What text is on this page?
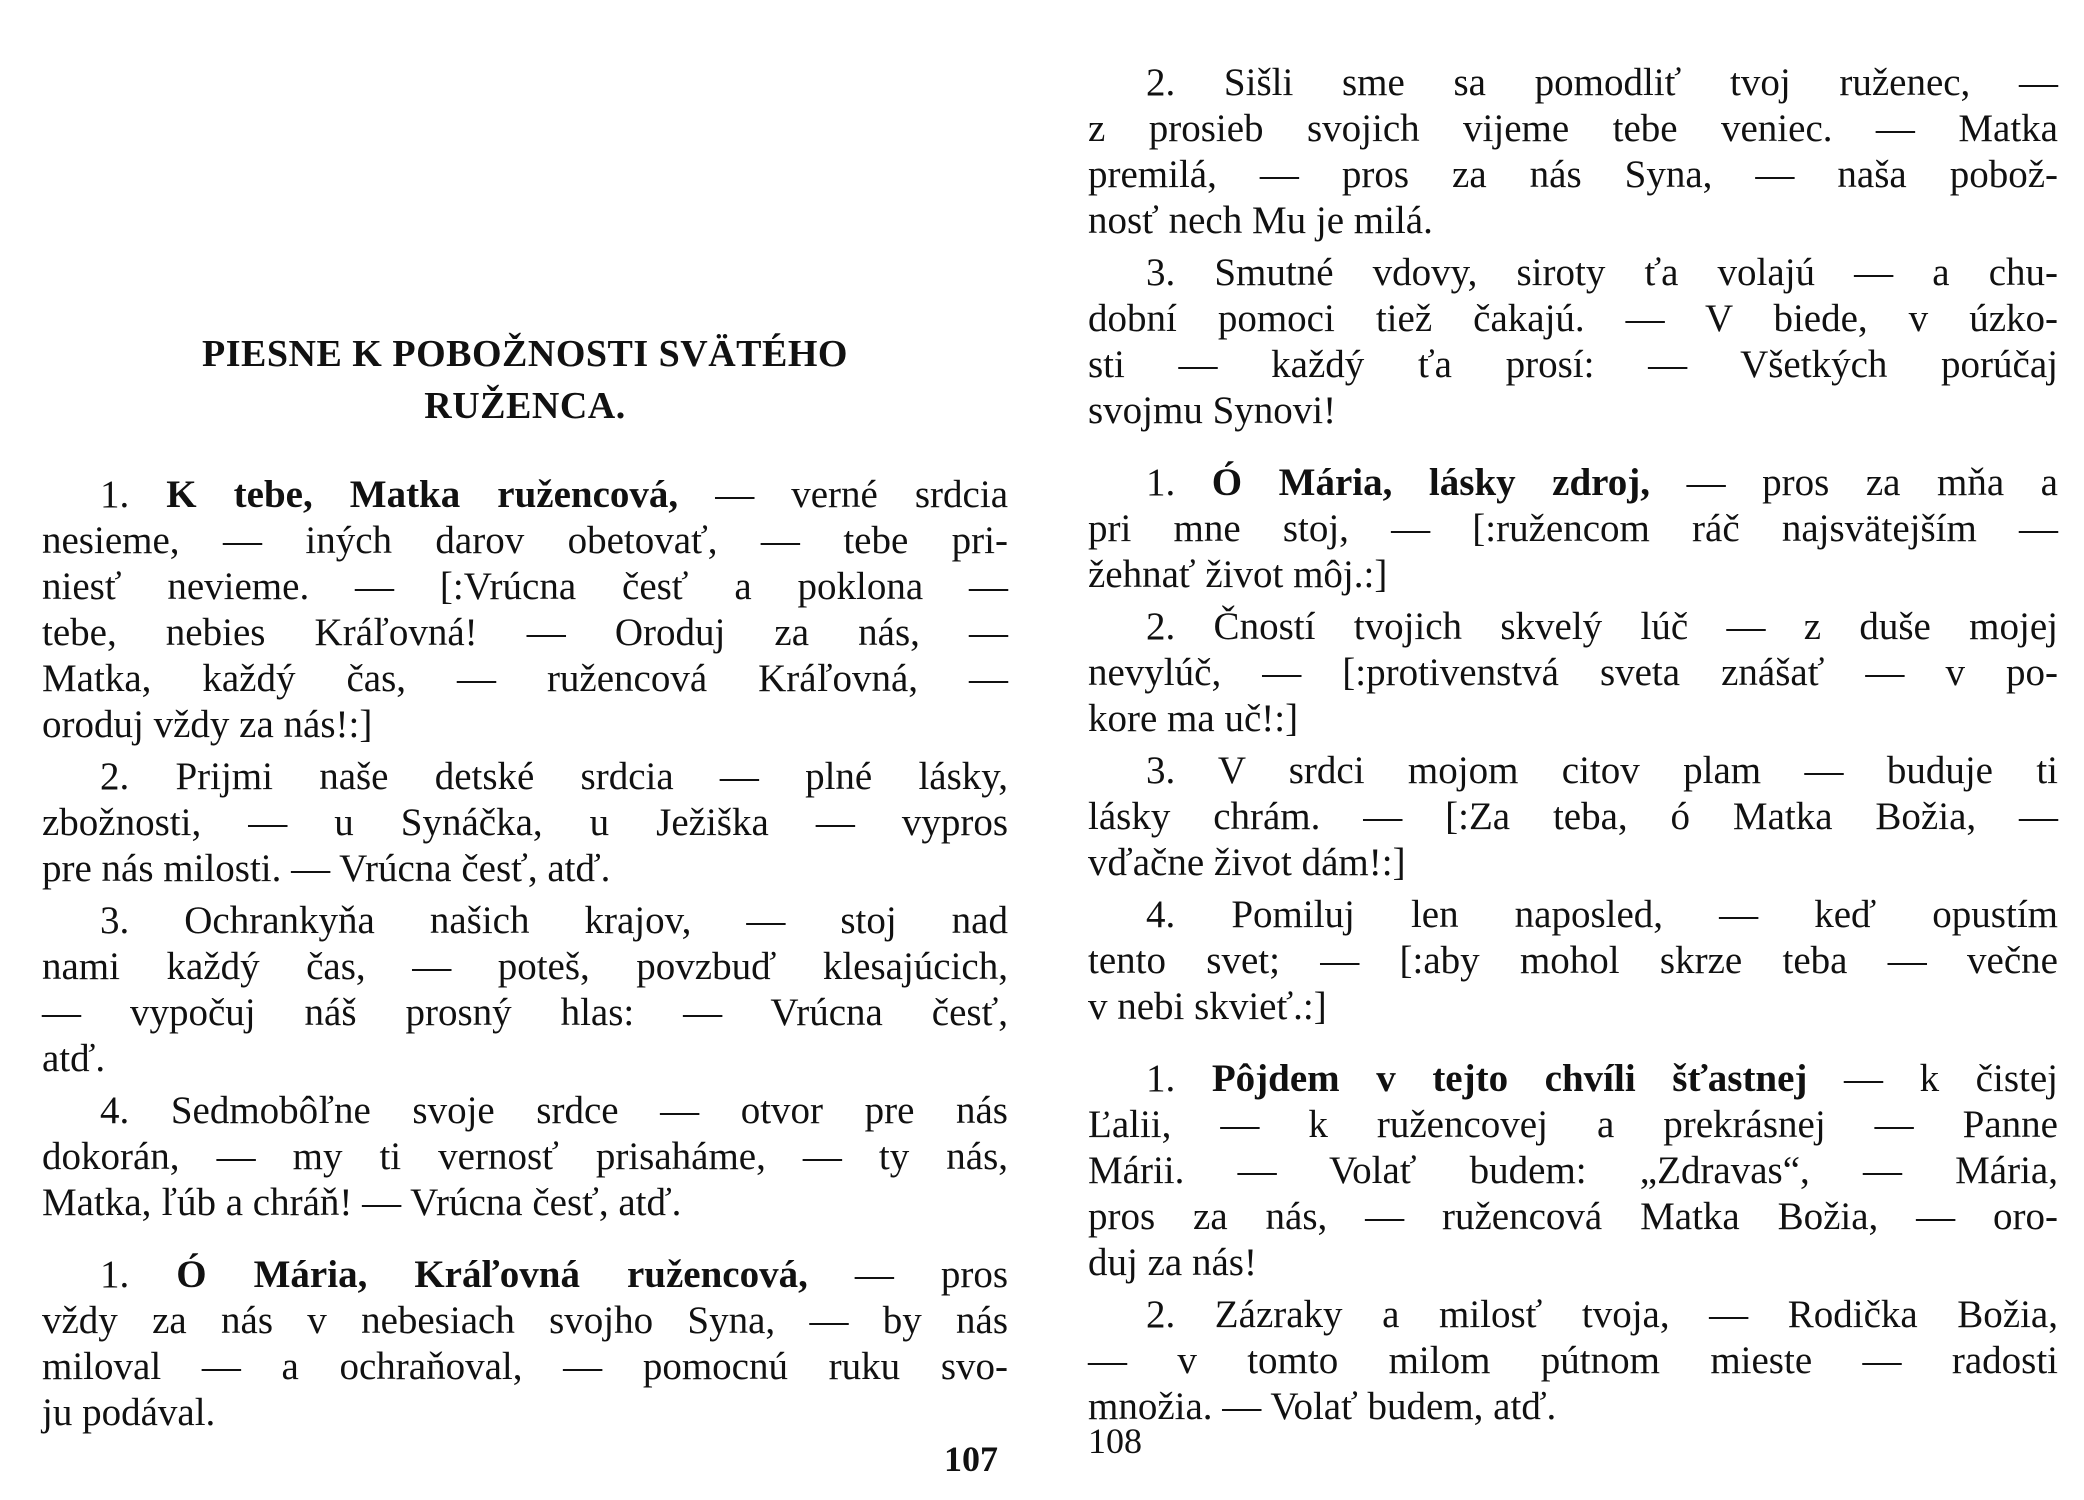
PIESNE K POBOŽNOSTI SVÄTÉHO
RUŽENCA.
1. K tebe, Matka ružencová, — verné srdcia
nesieme, — iných darov obetovať, — tebe pri-
niesť nevieme. — [:Vrúcna česť a poklona —
tebe, nebies Kráľovná! — Oroduj za nás, —
Matka, každý čas, — ružencová Kráľovná, —
oroduj vždy za nás!:]
2. Prijmi naše detské srdcia — plné lásky,
zbožnosti, — u Synáčka, u Ježiška — vypros
pre nás milosti. — Vrúcna česť, atď.
3. Ochrankyňa našich krajov, — stoj nad
nami každý čas, — poteš, povzbuď klesajúcich,
— vypočuj náš prosný hlas: — Vrúcna česť,
atď.
4. Sedmobôľne svoje srdce — otvor pre nás
dokorán, — my ti vernosť prisaháme, — ty nás,
Matka, ľúb a chráň! — Vrúcna česť, atď.
1. Ó Mária, Kráľovná ružencová, — pros
vždy za nás v nebesiach svojho Syna, — by nás
miloval — a ochraňoval, — pomocnú ruku svo-
ju podával.
107
2. Sišli sme sa pomodliť tvoj ruženec, —
z prosieb svojich vijeme tebe veniec. — Matka
premilá, — pros za nás Syna, — naša pobož-
nosť nech Mu je milá.
3. Smutné vdovy, siroty ťa volajú — a chu-
dobní pomoci tiež čakajú. — V biede, v úzko-
sti — každý ťa prosí: — Všetkých porúčaj
svojmu Synovi!
1. Ó Mária, lásky zdroj, — pros za mňa a
pri mne stoj, — [:ružencom ráč najsvätejším —
žehnať život môj.:]
2. Čností tvojich skvelý lúč — z duše mojej
nevylúč, — [:protivenstvá sveta znášať — v po-
kore ma uč!:]
3. V srdci mojom citov plam — buduje ti
lásky chrám. — [:Za teba, ó Matka Božia, —
vďačne život dám!:]
4. Pomiluj len naposled, — keď opustím
tento svet; — [:aby mohol skrze teba — večne
v nebi skvieť.:]
1. Pôjdem v tejto chvíli šťastnej — k čistej
Ľalii, — k ružencovej a prekrásnej — Panne
Márii. — Volať budem: „Zdravas“, — Mária,
pros za nás, — ružencová Matka Božia, — oro-
duj za nás!
2. Zázraky a milosť tvoja, — Rodička Božia,
— v tomto milom pútnom mieste — radosti
množia. — Volať budem, atď.
108
